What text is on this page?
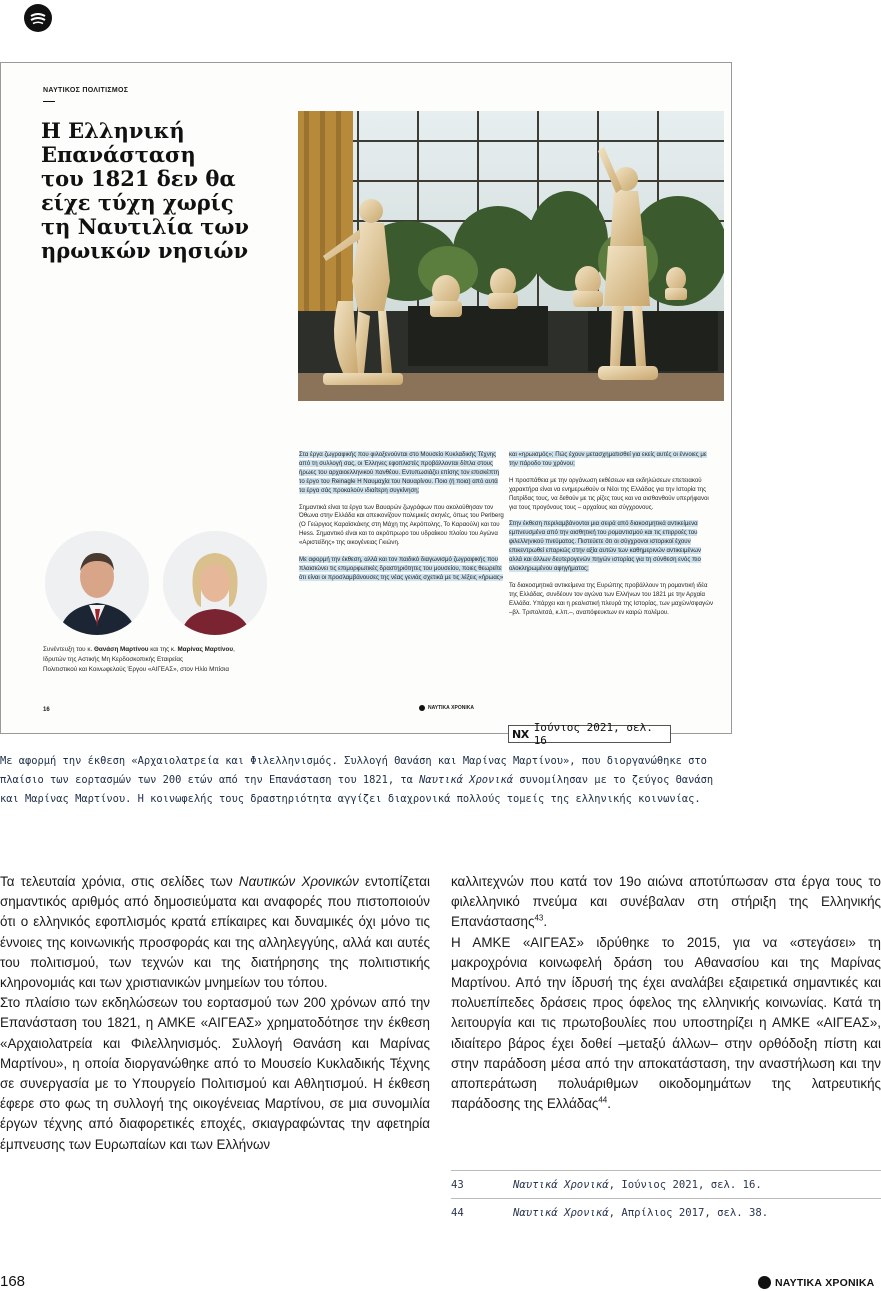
ΝΑΥΤΙΚΟΣ ΠΟΛΙΤΙΣΜΟΣ
Η Ελληνική
Επανάσταση
του 1821 δεν θα
είχε τύχη χωρίς
τη Ναυτιλία των
ηρωικών νησιών

Συνέντευξη του κ. Θανάση Μαρτίνου και της κ. Μαρίνας Μαρτίνου,

Ιδρυτών της Αστικής Μη Κερδοσκοπικής Εταιρείας

Πολιτιστικού και Κοινωφελούς Έργου «ΑΙΓΕΑΣ», στον Ηλίο Μπίσια

Στα έργα ζωγραφικής που φιλοξενούνται στο Μουσείο Κυκλαδικής Τέχνης από τη συλλογή σας, οι Έλληνες εφοπλιστές προβάλλονται δίπλα στους ήρωες του αρχαιοελληνικού πανθέου. Εντυπωσιάζει επίσης τον επισκέπτη το έργο του Reinagle Η Ναυμαχία του Ναυαρίνου. Ποιο (ή ποια) από αυτά τα έργα σάς προκαλούν ιδιαίτερη συγκίνηση;

Σημαντικά είναι τα έργα των Βαυαρών ζωγράφων που ακολούθησαν τον Όθωνα στην Ελλάδα και απεικονίζουν πολεμικές σκηνές, όπως του Perlberg (Ο Γεώργιος Καραϊσκάκης στη Μάχη της Ακρόπολης, Το Καραούλι) και του Hess. Σημαντικό είναι και το ακρόπρωρο του υδραίικου πλοίου του Αγώνα «Αριστείδης» της οικογένειας Γκιώνη.

Με αφορμή την έκθεση, αλλά και τον παιδικό διαγωνισμό ζωγραφικής που πλαισιώνει τις επιμορφωτικές δραστηριότητες του μουσείου, ποιες θεωρείτε ότι είναι οι προσλαμβάνουσες της νέας γενιάς σχετικά με τις λέξεις «ήρωας»

και «ηρωισμός»; Πώς έχουν μετασχηματισθεί για εκείς αυτές οι έννοιες με την πάροδο του χρόνου;

Η προσπάθεια με την οργάνωση εκθέσεων και εκδηλώσεων επετειακού χαρακτήρα είναι να ενημερωθούν οι Νέοι της Ελλάδας για την Ιστορία της Πατρίδας τους, να δεθούν με τις ρίζες τους και να αισθανθούν υπερήφανοι για τους προγόνους τους – αρχαίους και σύγχρονους.

Στην έκθεση περιλαμβάνονται μια σειρά από διακοσμητικά αντικείμενα εμπνευσμένα από την αισθητική του ρομαντισμού και τις επιρροές του φιλελληνικού πνεύματος. Πιστεύετε ότι οι σύγχρονοι ιστορικοί έχουν επικεντρωθεί επαρκώς στην αξία αυτών των καθημερινών αντικειμένων αλλά και άλλων δευτερογενών πηγών ιστορίας για τη σύνθεση ενός πιο ολοκληρωμένου αφηγήματος;

Τα διακοσμητικά αντικείμενα της Ευρώπης προβάλλουν τη ρομαντική ιδέα της Ελλάδας, συνδέουν τον αγώνα των Ελλήνων του 1821 με την Αρχαία Ελλάδα. Υπάρχει και η ρεαλιστική πλευρά της Ιστορίας, των μαχών/σφαγών –βλ. Τριπολιτσά, κ.λπ.–, αναπόφευκτων εν καιρώ πολέμου.

16	ΝΑΥΤΙΚΑ ΧΡΟΝΙΚΑ
NX Ιούνιος 2021, σελ. 16

Με αφορμή την έκθεση «Αρχαιολατρεία και Φιλελληνισμός. Συλλογή Θανάση και Μαρίνας Μαρτίνου», που διοργανώθηκε στο

πλαίσιο των εορτασμών των 200 ετών από την Επανάσταση του 1821, τα Ναυτικά Χρονικά συνομίλησαν με το ζεύγος Θανάση

και Μαρίνας Μαρτίνου. Η κοινωφελής τους δραστηριότητα αγγίζει διαχρονικά πολλούς τομείς της ελληνικής κοινωνίας.

Τα τελευταία χρόνια, στις σελίδες των Ναυτικών Χρονικών εντοπίζεται σημαντικός αριθμός από δημοσιεύματα και αναφορές που πιστοποιούν ότι ο ελληνικός εφοπλισμός κρατά επίκαιρες και δυναμικές όχι μόνο τις έννοιες της κοινωνικής προσφοράς και της αλληλεγγύης, αλλά και αυτές του πολιτισμού, των τεχνών και της διατήρησης της πολιτιστικής κληρονομιάς και των χριστιανικών μνημείων του τόπου.

Στο πλαίσιο των εκδηλώσεων του εορτασμού των 200 χρόνων από την Επανάσταση του 1821, η ΑΜΚΕ «ΑΙΓΕΑΣ» χρηματοδότησε την έκθεση «Αρχαιολατρεία και Φιλελληνισμός. Συλλογή Θανάση και Μαρίνας Μαρτίνου», η οποία διοργανώθηκε από το Μουσείο Κυκλαδικής Τέχνης σε συνεργασία με το Υπουργείο Πολιτισμού και Αθλητισμού. Η έκθεση έφερε στο φως τη συλλογή της οικογένειας Μαρτίνου, σε μια συνομιλία έργων τέχνης από διαφορετικές εποχές, σκιαγραφώντας την αφετηρία έμπνευσης των Ευρωπαίων και των Ελλήνων

καλλιτεχνών που κατά τον 19ο αιώνα αποτύπωσαν στα έργα τους το φιλελληνικό πνεύμα και συνέβαλαν στη στήριξη της Ελληνικής Επανάστασης$^{43}$.

Η ΑΜΚΕ «ΑΙΓΕΑΣ» ιδρύθηκε το 2015, για να «στεγάσει» τη μακροχρόνια κοινωφελή δράση του Αθανασίου και της Μαρίνας Μαρτίνου. Από την ίδρυσή της έχει αναλάβει εξαιρετικά σημαντικές και πολυεπίπεδες δράσεις προς όφελος της ελληνικής κοινωνίας. Κατά τη λειτουργία και τις πρωτοβουλίες που υποστηρίζει η ΑΜΚΕ «ΑΙΓΕΑΣ», ιδιαίτερο βάρος έχει δοθεί –μεταξύ άλλων– στην ορθόδοξη πίστη και στην παράδοση μέσα από την αποκατάσταση, την αναστήλωση και την αποπεράτωση πολυάριθμων οικοδομημάτων της λατρευτικής παράδοσης της Ελλάδας$^{44}$.

43	Ναυτικά Χρονικά, Ιούνιος 2021, σελ. 16.
44	Ναυτικά Χρονικά, Απρίλιος 2017, σελ. 38.
168	ΝΑΥΤΙΚΑ ΧΡΟΝΙΚΑ
